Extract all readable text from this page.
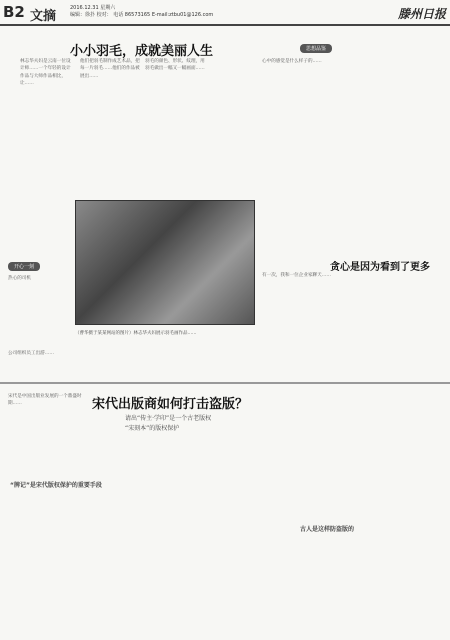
B2 文摘
2016.12.31 星期六
编辑：徐扑 校对： 电话 86573165 E-mail:ztbu01@126.com	滕州日报
小小羽毛，成就美丽人生
林志华夫妇是云南一位设计师……一个年轻的设计作品与大师作品相比，让……
他们把羽毛制作成艺术品，把每一片羽毛……他们的作品被展出……
羽毛的颜色、形状、纹理，用羽毛做出一幅又一幅画面……
（曹华摄于某某网站的图片）林志华夫妇展示羽毛画作品……
开心一刻
热心的司机
公司组织员工出游……
思想品鉴
心中的感觉是什么样子的……
贪心是因为看到了更多
有一次，我和一位企业家聊天……
宋代出版商如何打击盗版？
请出“传主·学印”是一个古老版权
“宋刻本”的版权保护
宋代是中国出版业发展的一个鼎盛时期……
“牌记”是宋代版权保护的重要手段
古人是这样防盗版的
